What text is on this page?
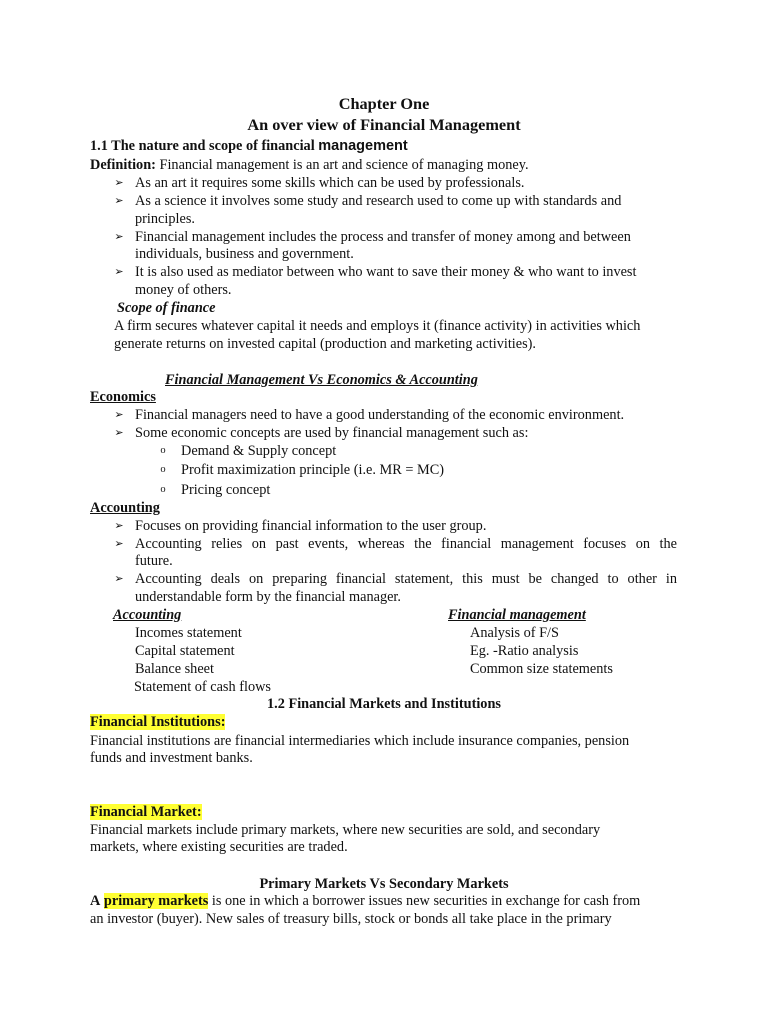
Chapter One
An over view of Financial Management
1.1 The nature and scope of financial management
Definition: Financial management is an art and science of managing money.
➢ As an art it requires some skills which can be used by professionals.
➢ As a science it involves some study and research used to come up with standards and
principles.
➢ Financial management includes the process and transfer of money among and between
individuals, business and government.
➢ It is also used as mediator between who want to save their money & who want to invest
money of others.
Scope of finance
A firm secures whatever capital it needs and employs it (finance activity) in activities which
generate returns on invested capital (production and marketing activities).
Financial Management Vs Economics & Accounting
Economics
➢ Financial managers need to have a good understanding of the economic environment.
➢ Some economic concepts are used by financial management such as:
o Demand & Supply concept
o Profit maximization principle (i.e. MR = MC)
o Pricing concept
Accounting
➢ Focuses on providing financial information to the user group.
➢ Accounting relies on past events, whereas the financial management focuses on the
future.
➢ Accounting deals on preparing financial statement, this must be changed to other in
understandable form by the financial manager.
Accounting	Financial management
Incomes statement	Analysis of F/S
Capital statement	Eg. -Ratio analysis
Balance sheet	Common size statements
Statement of cash flows
1.2 Financial Markets and Institutions
Financial Institutions:
Financial institutions are financial intermediaries which include insurance companies, pension
funds and investment banks.
Financial Market:
Financial markets include primary markets, where new securities are sold, and secondary
markets, where existing securities are traded.
Primary Markets Vs Secondary Markets
A primary markets is one in which a borrower issues new securities in exchange for cash from
an investor (buyer). New sales of treasury bills, stock or bonds all take place in the primary
